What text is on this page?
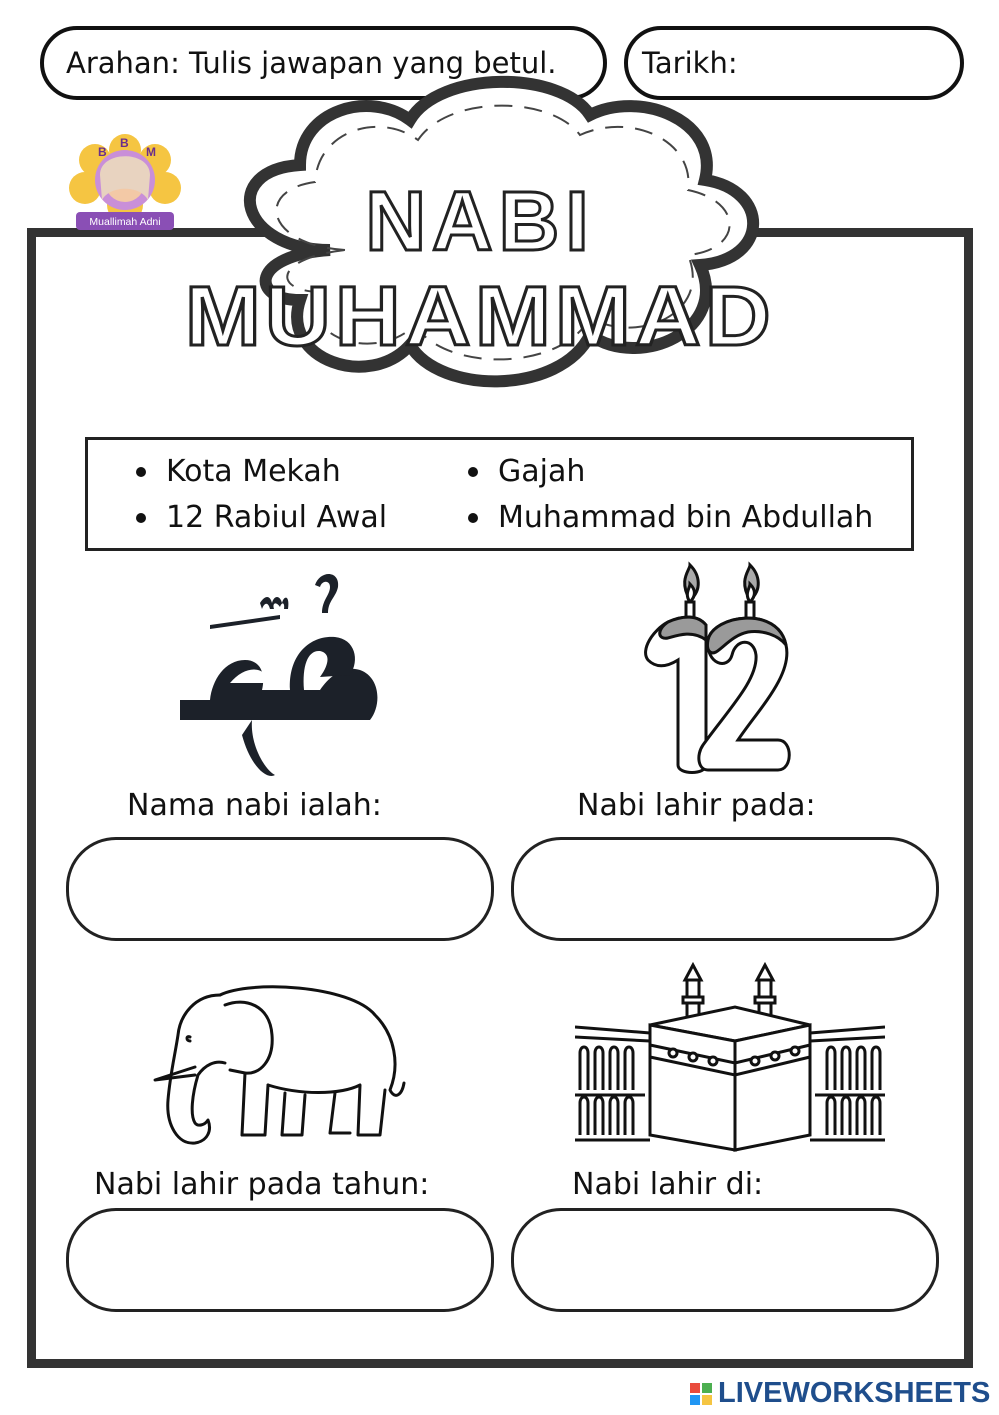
Arahan: Tulis jawapan yang betul.	Tarikh:
NABI
MUHAMMAD
B
B
M
Muallimah Adni
Kota Mekah	Gajah
12 Rabiul Awal	Muhammad bin Abdullah
Nama nabi ialah:	Nabi lahir pada:
Nabi lahir pada tahun:	Nabi lahir di:
LIVEWORKSHEETS
